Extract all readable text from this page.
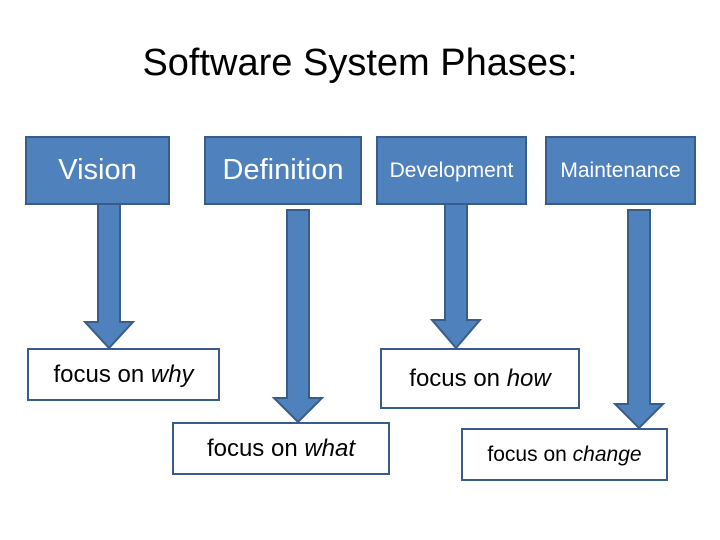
Software System Phases:
Vision	Definition Development Maintenance
focus on why
focus on what
focus on how
focus on change
